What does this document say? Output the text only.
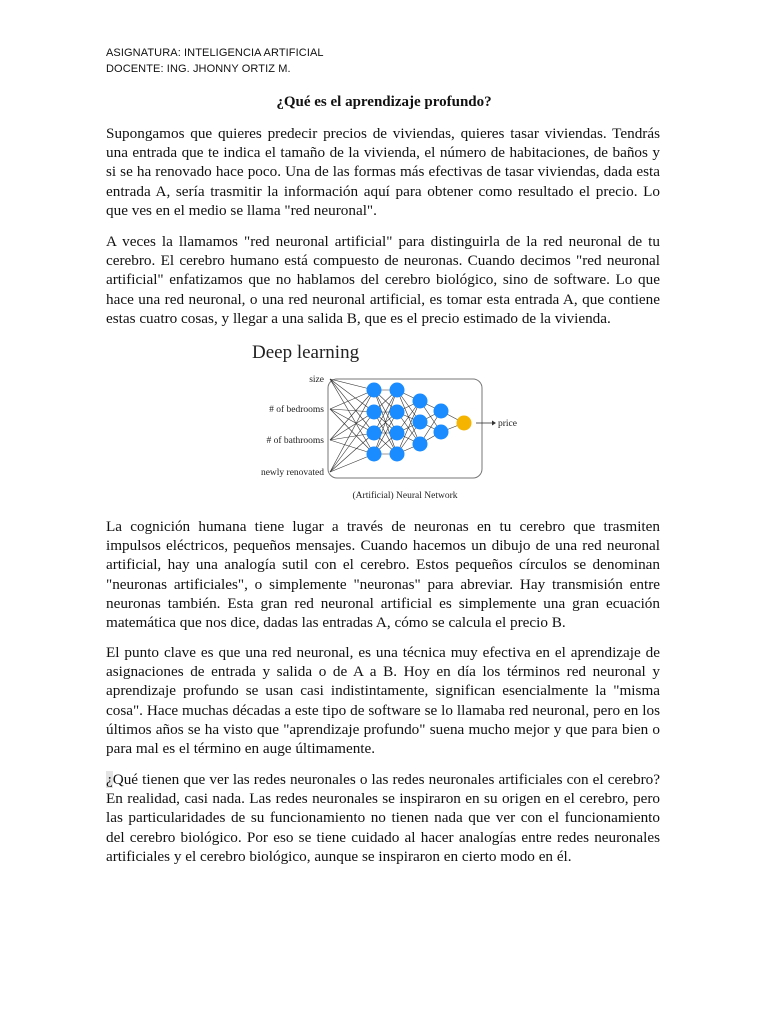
ASIGNATURA: INTELIGENCIA ARTIFICIAL
DOCENTE: ING. JHONNY ORTIZ M.
¿Qué es el aprendizaje profundo?

Supongamos que quieres predecir precios de viviendas, quieres tasar viviendas. Tendrás una entrada que te indica el tamaño de la vivienda, el número de habitaciones, de baños y si se ha renovado hace poco. Una de las formas más efectivas de tasar viviendas, dada esta entrada A, sería trasmitir la información aquí para obtener como resultado el precio. Lo que ves en el medio se llama "red neuronal".

A veces la llamamos "red neuronal artificial" para distinguirla de la red neuronal de tu cerebro. El cerebro humano está compuesto de neuronas. Cuando decimos "red neuronal artificial" enfatizamos que no hablamos del cerebro biológico, sino de software. Lo que hace una red neuronal, o una red neuronal artificial, es tomar esta entrada A, que contiene estas cuatro cosas, y llegar a una salida B, que es el precio estimado de la vivienda.

Deep learning
size
# of bedrooms
# of bathrooms
newly renovated
price
(Artificial) Neural Network

La cognición humana tiene lugar a través de neuronas en tu cerebro que trasmiten impulsos eléctricos, pequeños mensajes. Cuando hacemos un dibujo de una red neuronal artificial, hay una analogía sutil con el cerebro. Estos pequeños círculos se denominan "neuronas artificiales", o simplemente "neuronas" para abreviar. Hay transmisión entre neuronas también. Esta gran red neuronal artificial es simplemente una gran ecuación matemática que nos dice, dadas las entradas A, cómo se calcula el precio B.

El punto clave es que una red neuronal, es una técnica muy efectiva en el aprendizaje de asignaciones de entrada y salida o de A a B. Hoy en día los términos red neuronal y aprendizaje profundo se usan casi indistintamente, significan esencialmente la "misma cosa". Hace muchas décadas a este tipo de software se lo llamaba red neuronal, pero en los últimos años se ha visto que "aprendizaje profundo" suena mucho mejor y que para bien o para mal es el término en auge últimamente.

¿Qué tienen que ver las redes neuronales o las redes neuronales artificiales con el cerebro? En realidad, casi nada. Las redes neuronales se inspiraron en su origen en el cerebro, pero las particularidades de su funcionamiento no tienen nada que ver con el funcionamiento del cerebro biológico. Por eso se tiene cuidado al hacer analogías entre redes neuronales artificiales y el cerebro biológico, aunque se inspiraron en cierto modo en él.
